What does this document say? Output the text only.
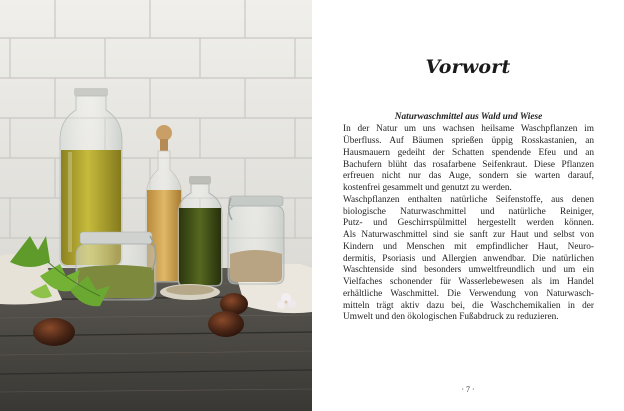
Vorwort

Naturwaschmittel aus Wald und Wiese

In der Natur um uns wachsen heilsame Waschpflanzen im
Überfluss. Auf Bäumen sprießen üppig Rosskastanien, an
Hausmauern gedeiht der Schatten spendende Efeu und an
Bachufern blüht das rosafarbene Seifenkraut. Diese Pflanzen
erfreuen nicht nur das Auge, sondern sie warten darauf,
kostenfrei gesammelt und genutzt zu werden.
Waschpflanzen enthalten natürliche Seifenstoffe, aus denen
biologische Naturwaschmittel und natürliche Reiniger,
Putz- und Geschirrspülmittel hergestellt werden können.
Als Naturwaschmittel sind sie sanft zur Haut und selbst von
Kindern und Menschen mit empfindlicher Haut, Neuro-
dermitis, Psoriasis und Allergien anwendbar. Die natürlichen
Waschtenside sind besonders umweltfreundlich und um ein
Vielfaches schonender für Wasserlebewesen als im Handel
erhältliche Waschmittel. Die Verwendung von Naturwasch-
mitteln trägt aktiv dazu bei, die Waschchemikalien in der
Umwelt und den ökologischen Fußabdruck zu reduzieren.
· 7 ·
